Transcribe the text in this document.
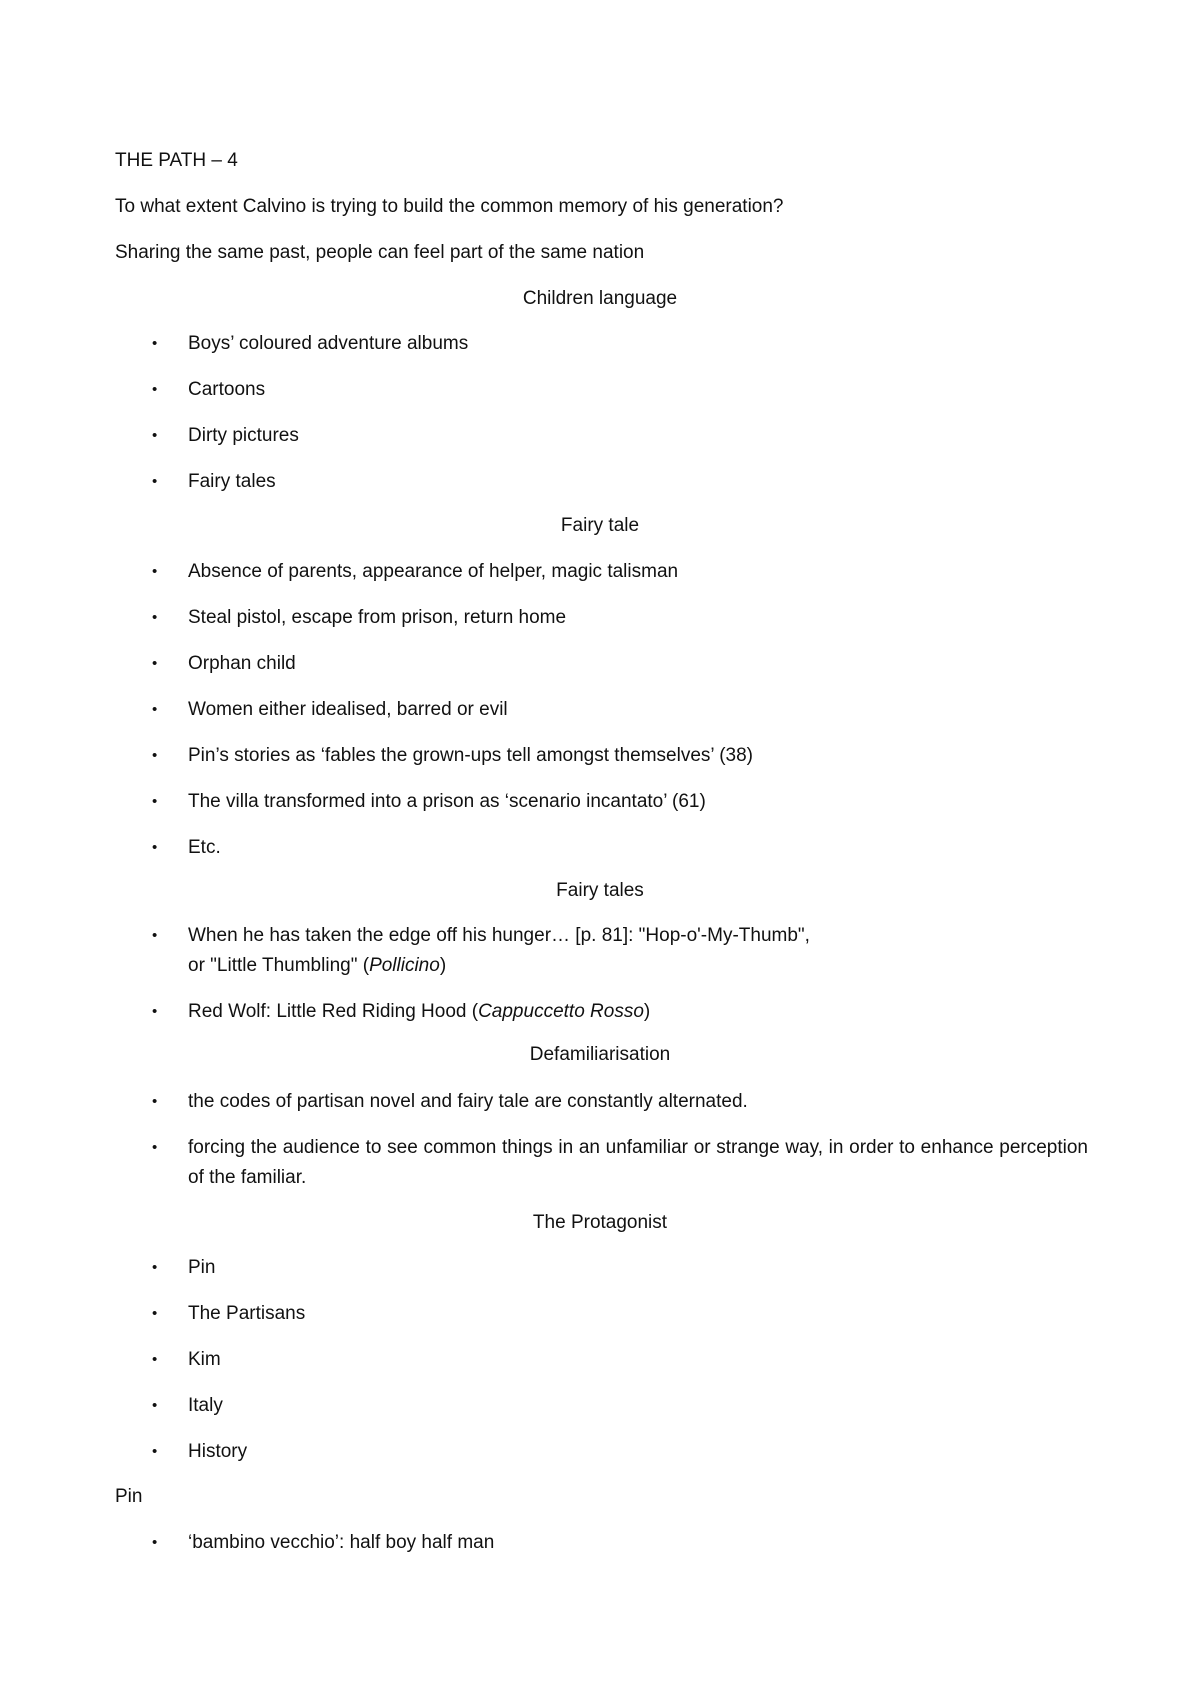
THE PATH – 4
To what extent Calvino is trying to build the common memory of his generation?
Sharing the same past, people can feel part of the same nation
Children language
•	Boys’ coloured adventure albums
•	Cartoons
•	Dirty pictures
•	Fairy tales
Fairy tale
•	Absence of parents, appearance of helper, magic talisman
•	Steal pistol, escape from prison, return home
•	Orphan child
•	Women either idealised, barred or evil
•	Pin’s stories as ‘fables the grown-ups tell amongst themselves’ (38)
•	The villa transformed into a prison as ‘scenario incantato’ (61)
•	Etc.
Fairy tales
•	When he has taken the edge off his hunger… [p. 81]: "Hop-o'-My-Thumb",
or "Little Thumbling" (Pollicino)
•	Red Wolf: Little Red Riding Hood (Cappuccetto Rosso)
Defamiliarisation
•	the codes of partisan novel and fairy tale are constantly alternated.
•	forcing the audience to see common things in an unfamiliar or strange way, in order to enhance perception of the familiar.
The Protagonist
•	Pin
•	The Partisans
•	Kim
•	Italy
•	History
Pin
•	‘bambino vecchio’: half boy half man
